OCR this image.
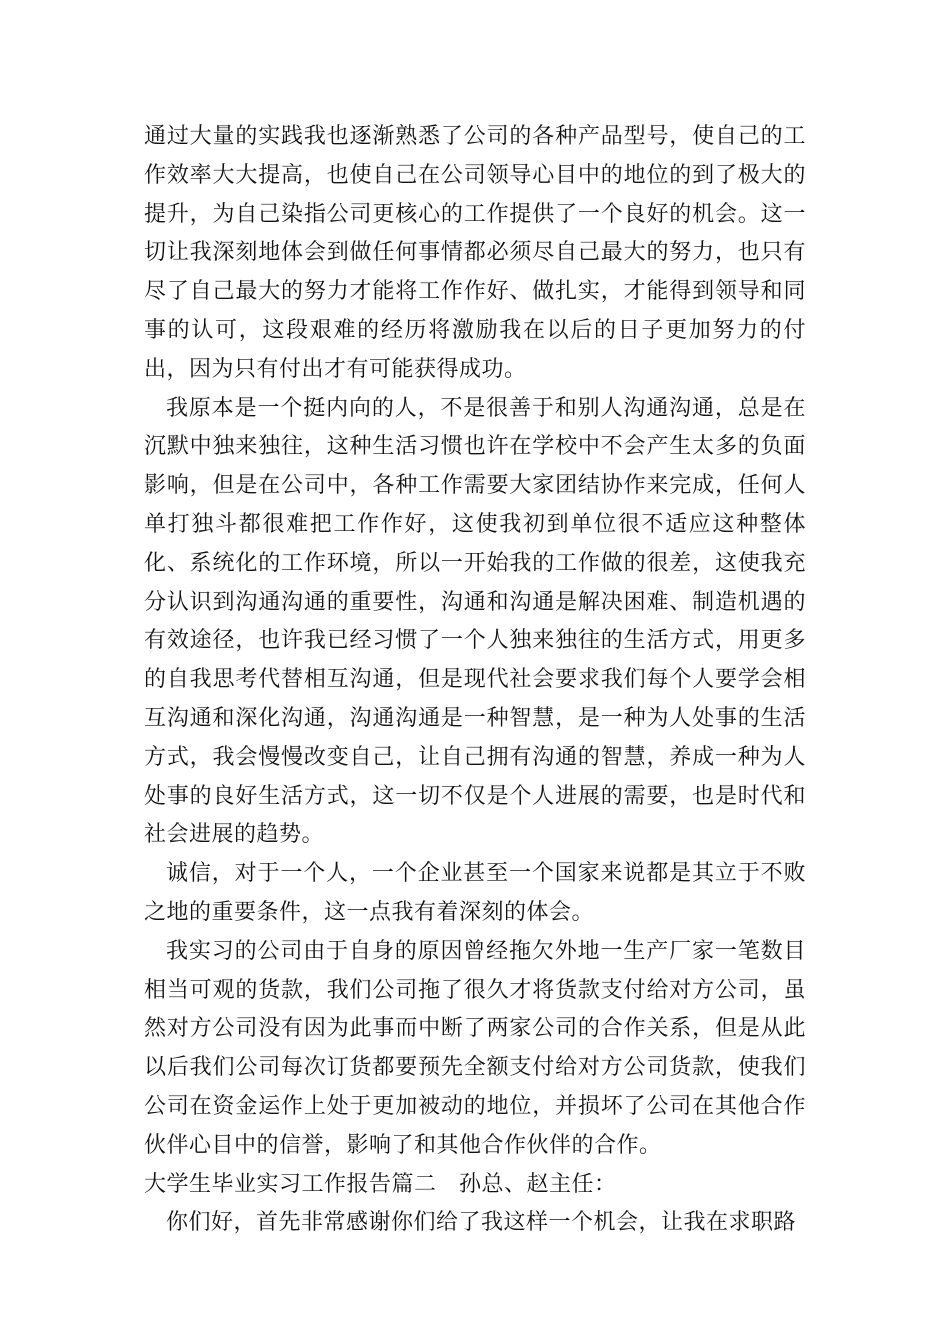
通过大量的实践我也逐渐熟悉了公司的各种产品型号，使自己的工作效率大大提高，也使自己在公司领导心目中的地位的到了极大的提升，为自己染指公司更核心的工作提供了一个良好的机会。这一切让我深刻地体会到做任何事情都必须尽自己最大的努力，也只有尽了自己最大的努力才能将工作作好、做扎实，才能得到领导和同事的认可，这段艰难的经历将激励我在以后的日子更加努力的付出，因为只有付出才有可能获得成功。

我原本是一个挺内向的人，不是很善于和别人沟通沟通，总是在沉默中独来独往，这种生活习惯也许在学校中不会产生太多的负面影响，但是在公司中，各种工作需要大家团结协作来完成，任何人单打独斗都很难把工作作好，这使我初到单位很不适应这种整体化、系统化的工作环境，所以一开始我的工作做的很差，这使我充分认识到沟通沟通的重要性，沟通和沟通是解决困难、制造机遇的有效途径，也许我已经习惯了一个人独来独往的生活方式，用更多的自我思考代替相互沟通，但是现代社会要求我们每个人要学会相互沟通和深化沟通，沟通沟通是一种智慧，是一种为人处事的生活方式，我会慢慢改变自己，让自己拥有沟通的智慧，养成一种为人处事的良好生活方式，这一切不仅是个人进展的需要，也是时代和社会进展的趋势。

诚信，对于一个人，一个企业甚至一个国家来说都是其立于不败之地的重要条件，这一点我有着深刻的体会。

我实习的公司由于自身的原因曾经拖欠外地一生产厂家一笔数目相当可观的货款，我们公司拖了很久才将货款支付给对方公司，虽然对方公司没有因为此事而中断了两家公司的合作关系，但是从此以后我们公司每次订货都要预先全额支付给对方公司货款，使我们公司在资金运作上处于更加被动的地位，并损坏了公司在其他合作伙伴心目中的信誉，影响了和其他合作伙伴的合作。

大学生毕业实习工作报告篇二　孙总、赵主任：

你们好，首先非常感谢你们给了我这样一个机会，让我在求职路
